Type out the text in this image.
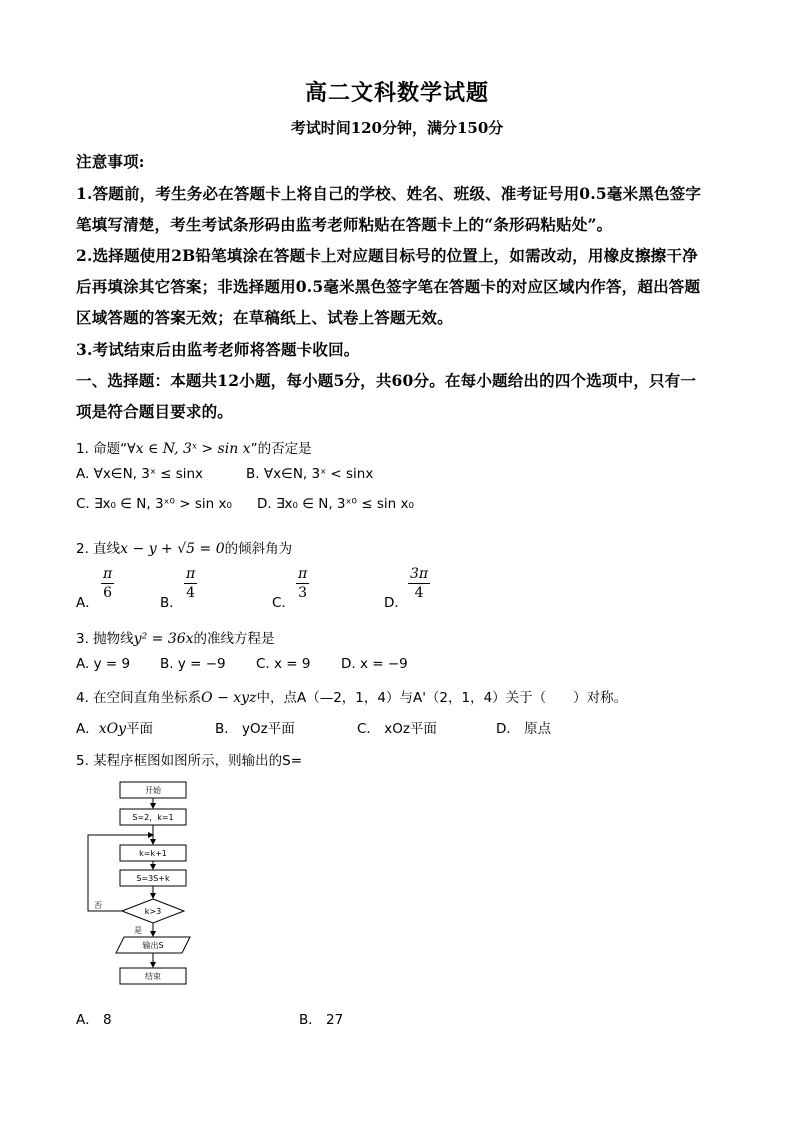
高二文科数学试题
考试时间120分钟，满分150分
注意事项:
1.答题前，考生务必在答题卡上将自己的学校、姓名、班级、准考证号用0.5毫米黑色签字
笔填写清楚，考生考试条形码由监考老师粘贴在答题卡上的“条形码粘贴处”。
2.选择题使用2B铅笔填涂在答题卡上对应题目标号的位置上，如需改动，用橡皮擦擦干净
后再填涂其它答案；非选择题用0.5毫米黑色签字笔在答题卡的对应区域内作答，超出答题
区域答题的答案无效；在草稿纸上、试卷上答题无效。
3.考试结束后由监考老师将答题卡收回。
一、选择题：本题共12小题，每小题5分，共60分。在每小题给出的四个选项中，只有一
项是符合题目要求的。
1. 命题“∀x ∈ N, 3ˣ > sin x”的否定是
A. ∀x∈N, 3ˣ ≤ sinx	B. ∀x∈N, 3ˣ < sinx
C. ∃x₀ ∈ N, 3ˣ⁰ > sin x₀ D. ∃x₀ ∈ N, 3ˣ⁰ ≤ sin x₀
2. 直线x − y + √5 = 0的倾斜角为
A．
$\frac{\pi}{6}$
B．
$\frac{\pi}{4}$
C．
$\frac{\pi}{3}$
D．
$\frac{3\pi}{4}$
3. 抛物线y² = 36x的准线方程是
A. y = 9 B. y = −9 C. x = 9 D. x = −9
4. 在空间直角坐标系O − xyz中，点A（—2，1，4）与A'（2，1，4）关于（　　）对称。
A．xOy平面	B． yOz平面	C． xOz平面	D． 原点
5. 某程序框图如图所示，则输出的S=
开始
S=2，k=1
k=k+1
S=3S+k
k>3
否
是
输出S
结束
A． 8	B． 27
